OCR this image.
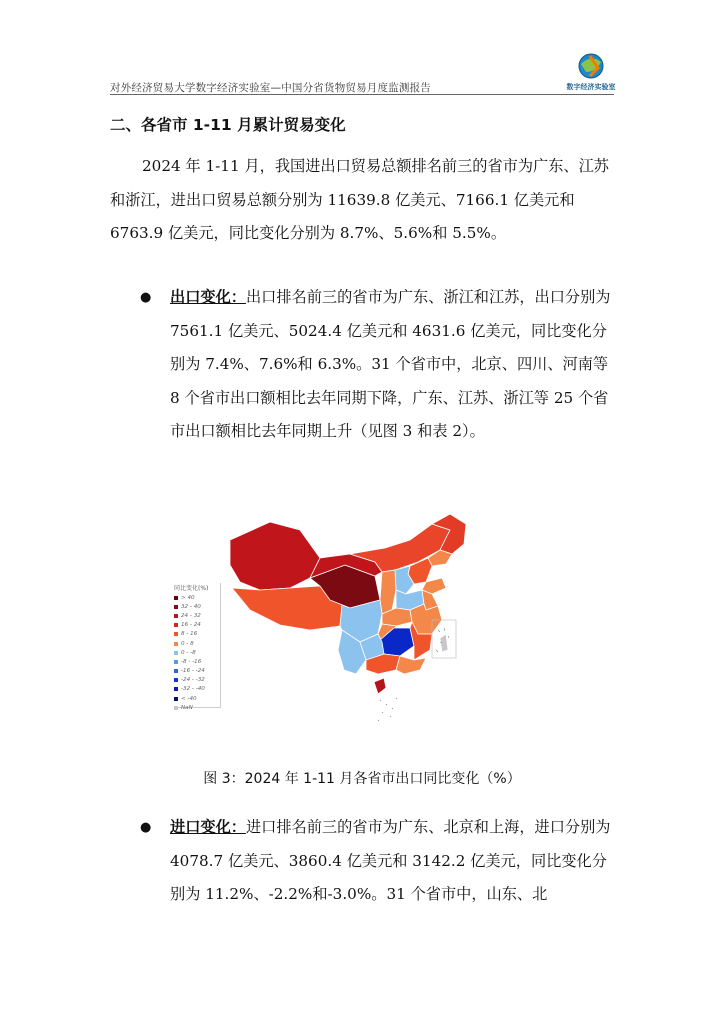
对外经济贸易大学数字经济实验室—中国分省货物贸易月度监测报告	数字经济实验室
二、各省市 1-11 月累计贸易变化

2024 年 1-11 月，我国进出口贸易总额排名前三的省市为广东、江苏和浙江，进出口贸易总额分别为 11639.8 亿美元、7166.1 亿美元和 6763.9 亿美元，同比变化分别为 8.7%、5.6%和 5.5%。

● 出口变化：出口排名前三的省市为广东、浙江和江苏，出口分别为 7561.1 亿美元、5024.4 亿美元和 4631.6 亿美元，同比变化分别为 7.4%、7.6%和 6.3%。31 个省市中，北京、四川、河南等 8 个省市出口额相比去年同期下降，广东、江苏、浙江等 25 个省市出口额相比去年同期上升（见图 3 和表 2）。

同比变化(%)
> 40
32 - 40
24 - 32
16 - 24
8 - 16
0 - 8
0 - -8
-8 - -16
-16 - -24
-24 - -32
-32 - -40
< -40
NaN
图 3：2024 年 1-11 月各省市出口同比变化（%）

● 进口变化：进口排名前三的省市为广东、北京和上海，进口分别为 4078.7 亿美元、3860.4 亿美元和 3142.2 亿美元，同比变化分别为 11.2%、-2.2%和-3.0%。31 个省市中，山东、北
